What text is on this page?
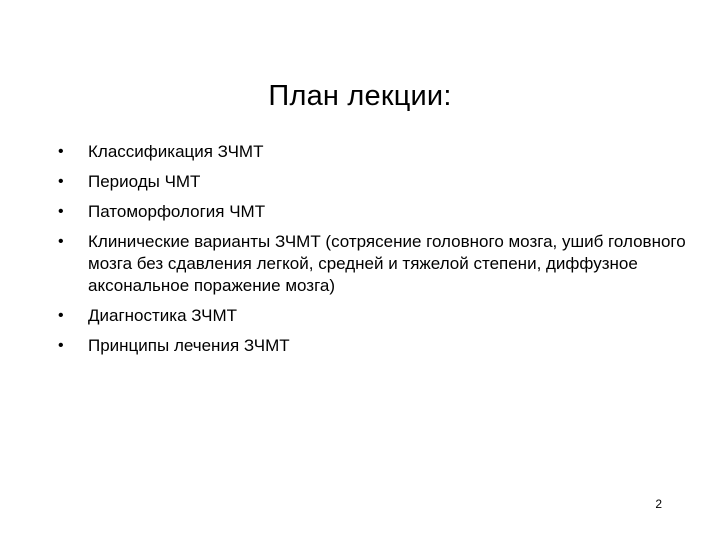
План лекции:
•	Классификация ЗЧМТ
•	Периоды ЧМТ
•	Патоморфология ЧМТ
•	Клинические варианты ЗЧМТ (сотрясение головного мозга, ушиб головного мозга без сдавления легкой, средней и тяжелой степени, диффузное аксональное поражение мозга)
•	Диагностика ЗЧМТ
•	Принципы лечения ЗЧМТ
2
